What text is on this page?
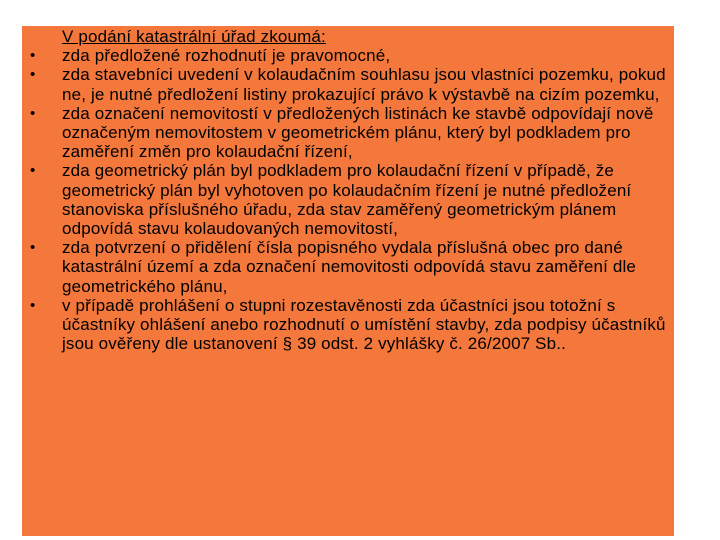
V podání katastrální úřad zkoumá:
•	zda předložené rozhodnutí je pravomocné,
•	zda stavebníci uvedení v kolaudačním souhlasu jsou vlastníci pozemku, pokud ne, je nutné předložení listiny prokazující právo k výstavbě na cizím pozemku,
•	zda označení nemovitostí v předložených listinách ke stavbě odpovídají nově označeným nemovitostem v geometrickém plánu, který byl podkladem pro zaměření změn pro kolaudační řízení,
•	zda geometrický plán byl podkladem pro kolaudační řízení v případě, že geometrický plán byl vyhotoven po kolaudačním řízení je nutné předložení stanoviska příslušného úřadu, zda stav zaměřený geometrickým plánem odpovídá stavu kolaudovaných nemovitostí,
•	zda potvrzení o přidělení čísla popisného vydala příslušná obec pro dané katastrální území a zda označení nemovitosti odpovídá stavu zaměření dle geometrického plánu,
•	v případě prohlášení o stupni rozestavěnosti zda účastníci jsou totožní s účastníky ohlášení anebo rozhodnutí o umístění stavby, zda podpisy účastníků jsou ověřeny dle ustanovení § 39 odst. 2 vyhlášky č. 26/2007 Sb..
